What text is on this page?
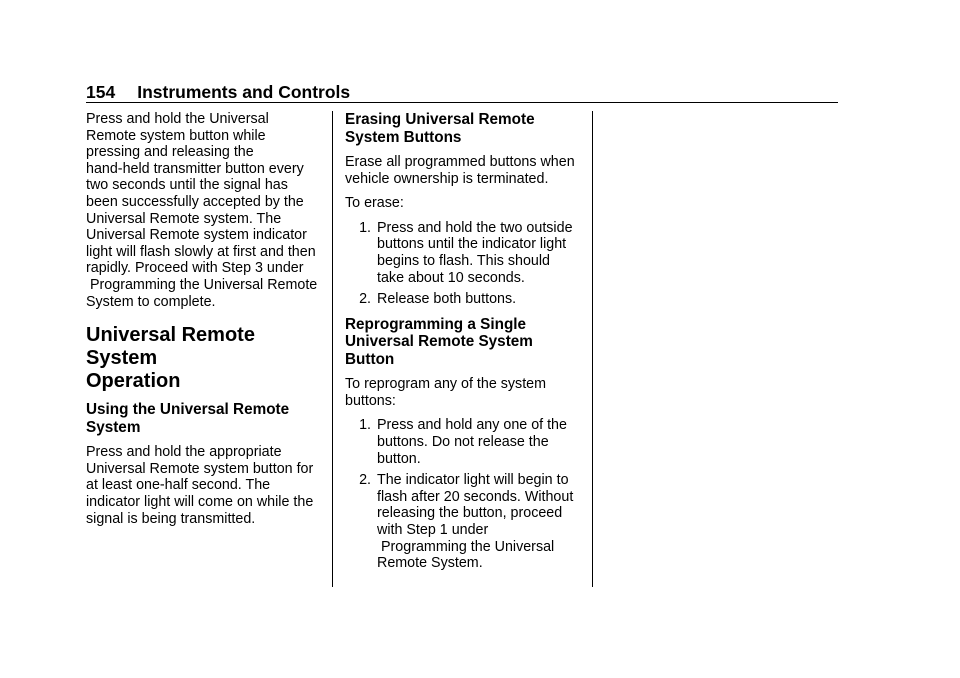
154 Instruments and Controls

Press and hold the Universal
Remote system button while
pressing and releasing the
hand-held transmitter button every
two seconds until the signal has
been successfully accepted by the
Universal Remote system. The
Universal Remote system indicator
light will flash slowly at first and then
rapidly. Proceed with Step 3 under
Programming the Universal Remote
System to complete.

Universal Remote System
Operation
Using the Universal Remote
System

Press and hold the appropriate
Universal Remote system button for
at least one-half second. The
indicator light will come on while the
signal is being transmitted.

Erasing Universal Remote
System Buttons

Erase all programmed buttons when
vehicle ownership is terminated.

To erase:

1. Press and hold the two outside
buttons until the indicator light
begins to flash. This should
take about 10 seconds.
2. Release both buttons.
Reprogramming a Single
Universal Remote System
Button

To reprogram any of the system
buttons:

1. Press and hold any one of the
buttons. Do not release the
button.
2. The indicator light will begin to
flash after 20 seconds. Without
releasing the button, proceed
with Step 1 under
Programming the Universal
Remote System.
